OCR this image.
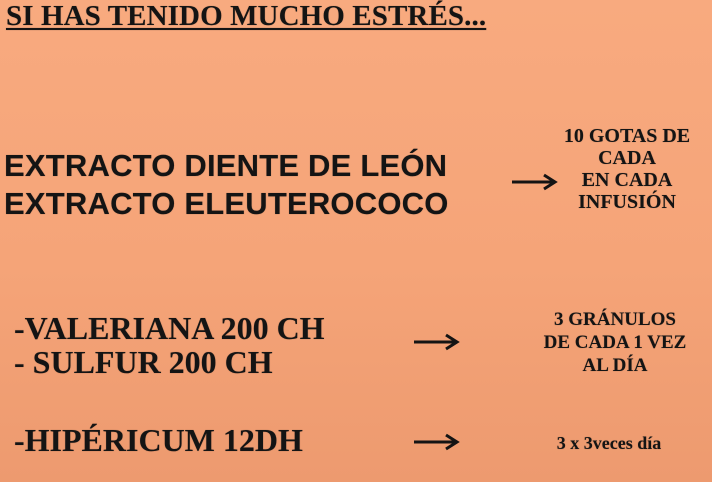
SI HAS TENIDO MUCHO ESTRÉS...

EXTRACTO DIENTE DE LEÓN

EXTRACTO ELEUTEROCOCO

10 GOTAS DE
CADA
EN CADA
INFUSIÓN

-VALERIANA 200 CH

- SULFUR 200 CH

3 GRÁNULOS
DE CADA 1 VEZ
AL DÍA

-HIPÉRICUM 12DH	3 x 3veces día
